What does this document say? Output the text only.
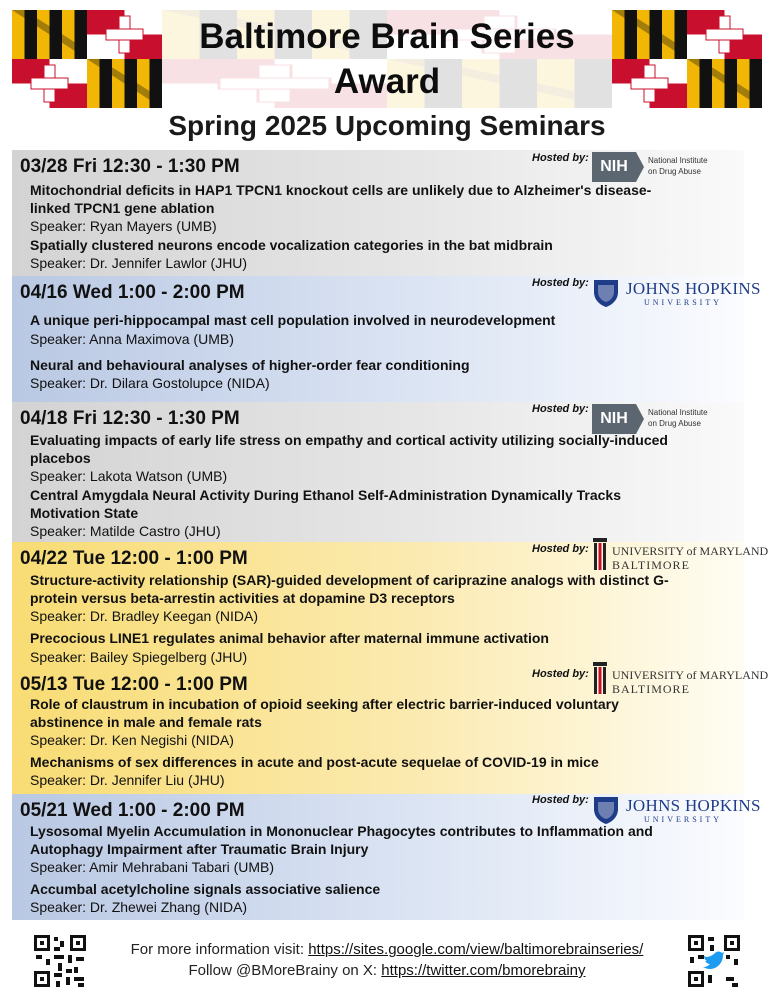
Baltimore Brain Series
Award
Spring 2025 Upcoming Seminars
03/28 Fri 12:30 - 1:30 PM	Hosted by: NIH	National Institute
on Drug Abuse
Mitochondrial deficits in HAP1 TPCN1 knockout cells are unlikely due to Alzheimer's disease-linked TPCN1 gene ablation
Speaker: Ryan Mayers (UMB)
Spatially clustered neurons encode vocalization categories in the bat midbrain
Speaker: Dr. Jennifer Lawlor (JHU)
04/16 Wed 1:00 - 2:00 PM	Hosted by: JOHNS HOPKINS
UNIVERSITY
A unique peri-hippocampal mast cell population involved in neurodevelopment
Speaker: Anna Maximova (UMB)
Neural and behavioural analyses of higher-order fear conditioning
Speaker: Dr. Dilara Gostolupce (NIDA)
04/18 Fri 12:30 - 1:30 PM	Hosted by:
NIH	National Institute
on Drug Abuse
Evaluating impacts of early life stress on empathy and cortical activity utilizing socially-induced placebos
Speaker: Lakota Watson (UMB)
Central Amygdala Neural Activity During Ethanol Self-Administration Dynamically Tracks Motivation State
Speaker: Matilde Castro (JHU)
04/22 Tue 12:00 - 1:00 PM	Hosted by: UNIVERSITY of MARYLAND
BALTIMORE
Structure-activity relationship (SAR)-guided development of cariprazine analogs with distinct G-protein versus beta-arrestin activities at dopamine D3 receptors
Speaker: Dr. Bradley Keegan (NIDA)
Precocious LINE1 regulates animal behavior after maternal immune activation
Speaker: Bailey Spiegelberg (JHU)
05/13 Tue 12:00 - 1:00 PM	Hosted by: UNIVERSITY of MARYLAND
BALTIMORE
Role of claustrum in incubation of opioid seeking after electric barrier-induced voluntary abstinence in male and female rats
Speaker: Dr. Ken Negishi (NIDA)
Mechanisms of sex differences in acute and post-acute sequelae of COVID-19 in mice
Speaker: Dr. Jennifer Liu (JHU)
05/21 Wed 1:00 - 2:00 PM	Hosted by: JOHNS HOPKINS
UNIVERSITY
Lysosomal Myelin Accumulation in Mononuclear Phagocytes contributes to Inflammation and Autophagy Impairment after Traumatic Brain Injury
Speaker: Amir Mehrabani Tabari (UMB)
Accumbal acetylcholine signals associative salience
Speaker: Dr. Zhewei Zhang (NIDA)
For more information visit: https://sites.google.com/view/baltimorebrainseries/
Follow @BMoreBrainy on X: https://twitter.com/bmorebrainy
